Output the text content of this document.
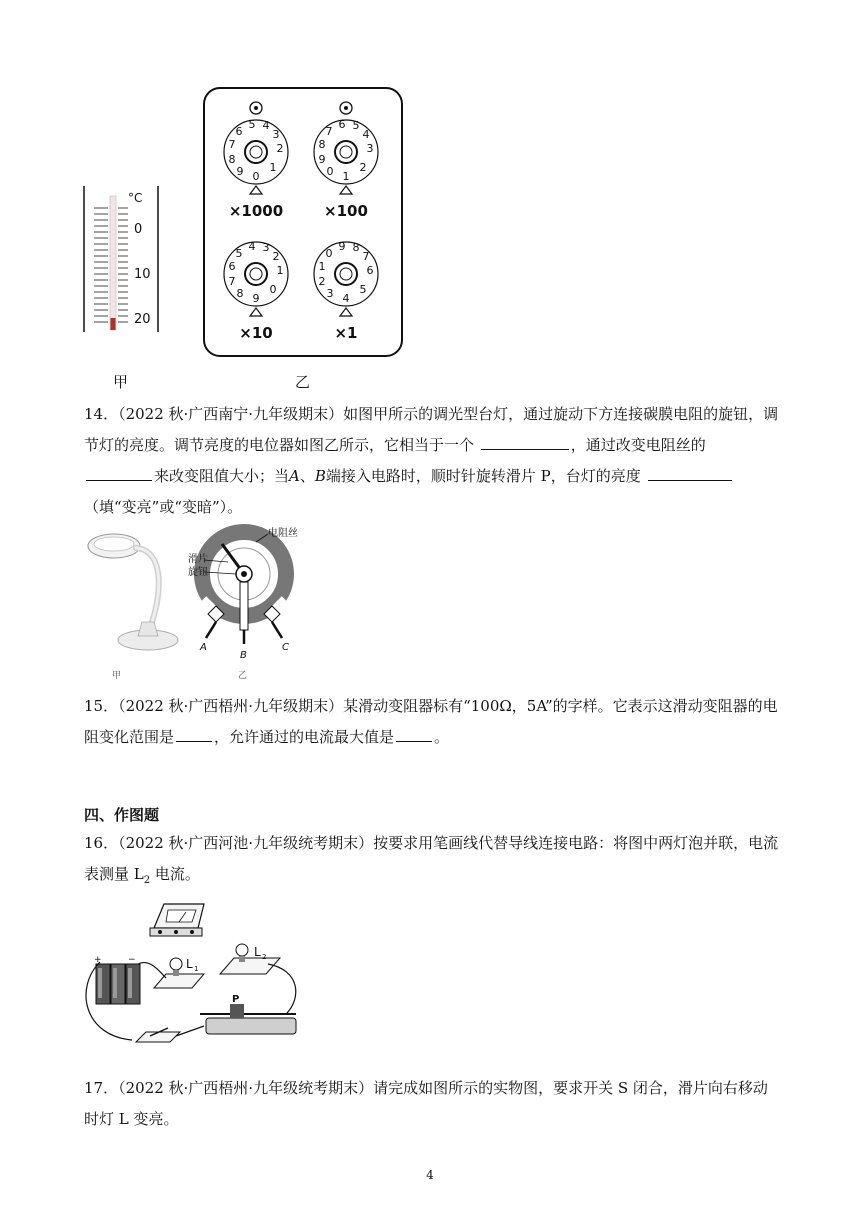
°C
0
10
20
0
9
8
7
6
5 4
3
2
1
1
0
9
8
7
6 5
4
3
2
9
8
7
6
5
4 3
2
1
0
4
3
2
1
0
9 8
7
6
5
×1000	×100
×10	×1
甲	乙

14．（2022 秋·广西南宁·九年级期末）如图甲所示的调光型台灯，通过旋动下方连接碳膜电阻的旋钮，调节灯的亮度。调节亮度的电位器如图乙所示，它相当于一个	，通过改变电阻丝的 来改变阻值大小；当A、B端接入电路时，顺时针旋转滑片 P，台灯的亮度 （填“变亮”或“变暗”）。

电阻丝
滑片
旋钮
A
B
C
甲	乙

15．（2022 秋·广西梧州·九年级期末）某滑动变阻器标有“100Ω，5A”的字样。它表示这滑动变阻器的电阻变化范围是	，允许通过的电流最大值是	。

四、作图题

16．（2022 秋·广西河池·九年级统考期末）按要求用笔画线代替导线连接电路：将图中两灯泡并联，电流表测量 $L_2$ 电流。

+	−	L 1
L 2
P

17．（2022 秋·广西梧州·九年级统考期末）请完成如图所示的实物图，要求开关 S 闭合，滑片向右移动时灯 L 变亮。

4
